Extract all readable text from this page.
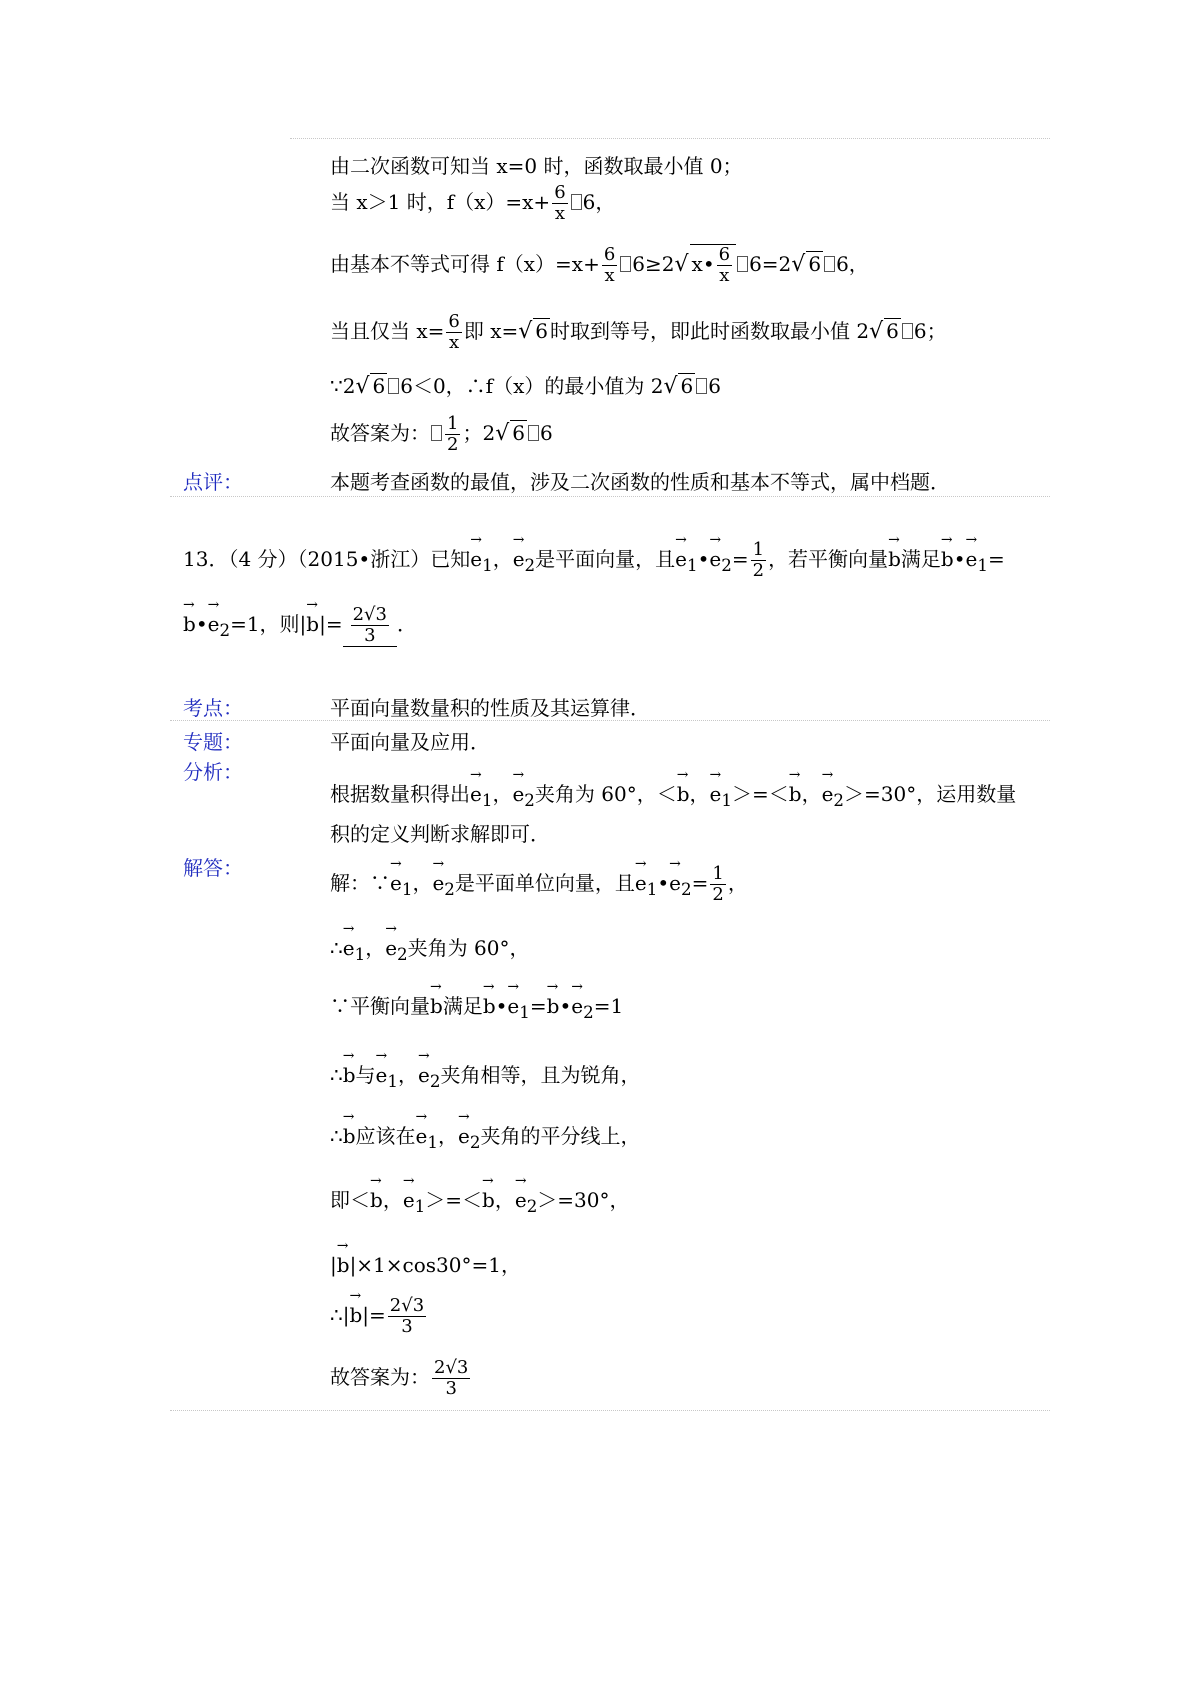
由二次函数可知当 x=0 时，函数取最小值 0；
当 x＞1 时，$f(x)=x+ \frac{6}{x} 6$，
由基本不等式可得 $f(x)=x+ \frac{6}{x} 6\ge 2√$ x• $\frac{6}{x} 6=2√$ 6 6，
当且仅当 $x= \frac{6}{x}$ 即 x=√ 6 时取到等号，即此时函数取最小值 2√ 6 6；
∵2√ 6 6＜0，∴f（x）的最小值为 2√ 6 6
故答案为： $\frac{1}{2}$ ；2√ 6 6
点评：	本题考查函数的最值，涉及二次函数的性质和基本不等式，属中档题．
13．（4 分）（2015•浙江）已知→ $e_1$，→ $e_2$是平面向量，且→ $e_1•\to e_2= \frac{1}{2}$ ，若平衡向量→ b满足→ b•→ $e_1=$
→ b•→ $e_2=1$，则|→ $b|= \frac{2√3}{3}$ ．
考点：	平面向量数量积的性质及其运算律．
专题：	平面向量及应用．
分析：
根据数量积得出→ $e_1$，→ $e_2$夹角为 60°，＜→ b，→ $e_1>=<\to b$，→ $e_2>=30^\circ$，运用数量
积的定义判断求解即可．
解答：
解：∵→ $e_1$，→ $e_2$是平面单位向量，且→ $e_1•\to e_2= \frac{1}{2}$ ，
∴→ $e_1$，→ $e_2$夹角为 60°，
∵平衡向量→ b满足→ b•→ $e_1=\to$ b•→ $e_2=1$
∴→ b与→ $e_1$，→ $e_2$夹角相等，且为锐角，
∴→ b应该在→ $e_1$，→ $e_2$夹角的平分线上，
即＜→ b，→ $e_1>=<\to b$，→ $e_2>=30^\circ$，
|→ b|×1×cos30°=1，
∴|→ $b|= \frac{2√3}{3}$
故答案为： $\frac{2√3}{3}$
